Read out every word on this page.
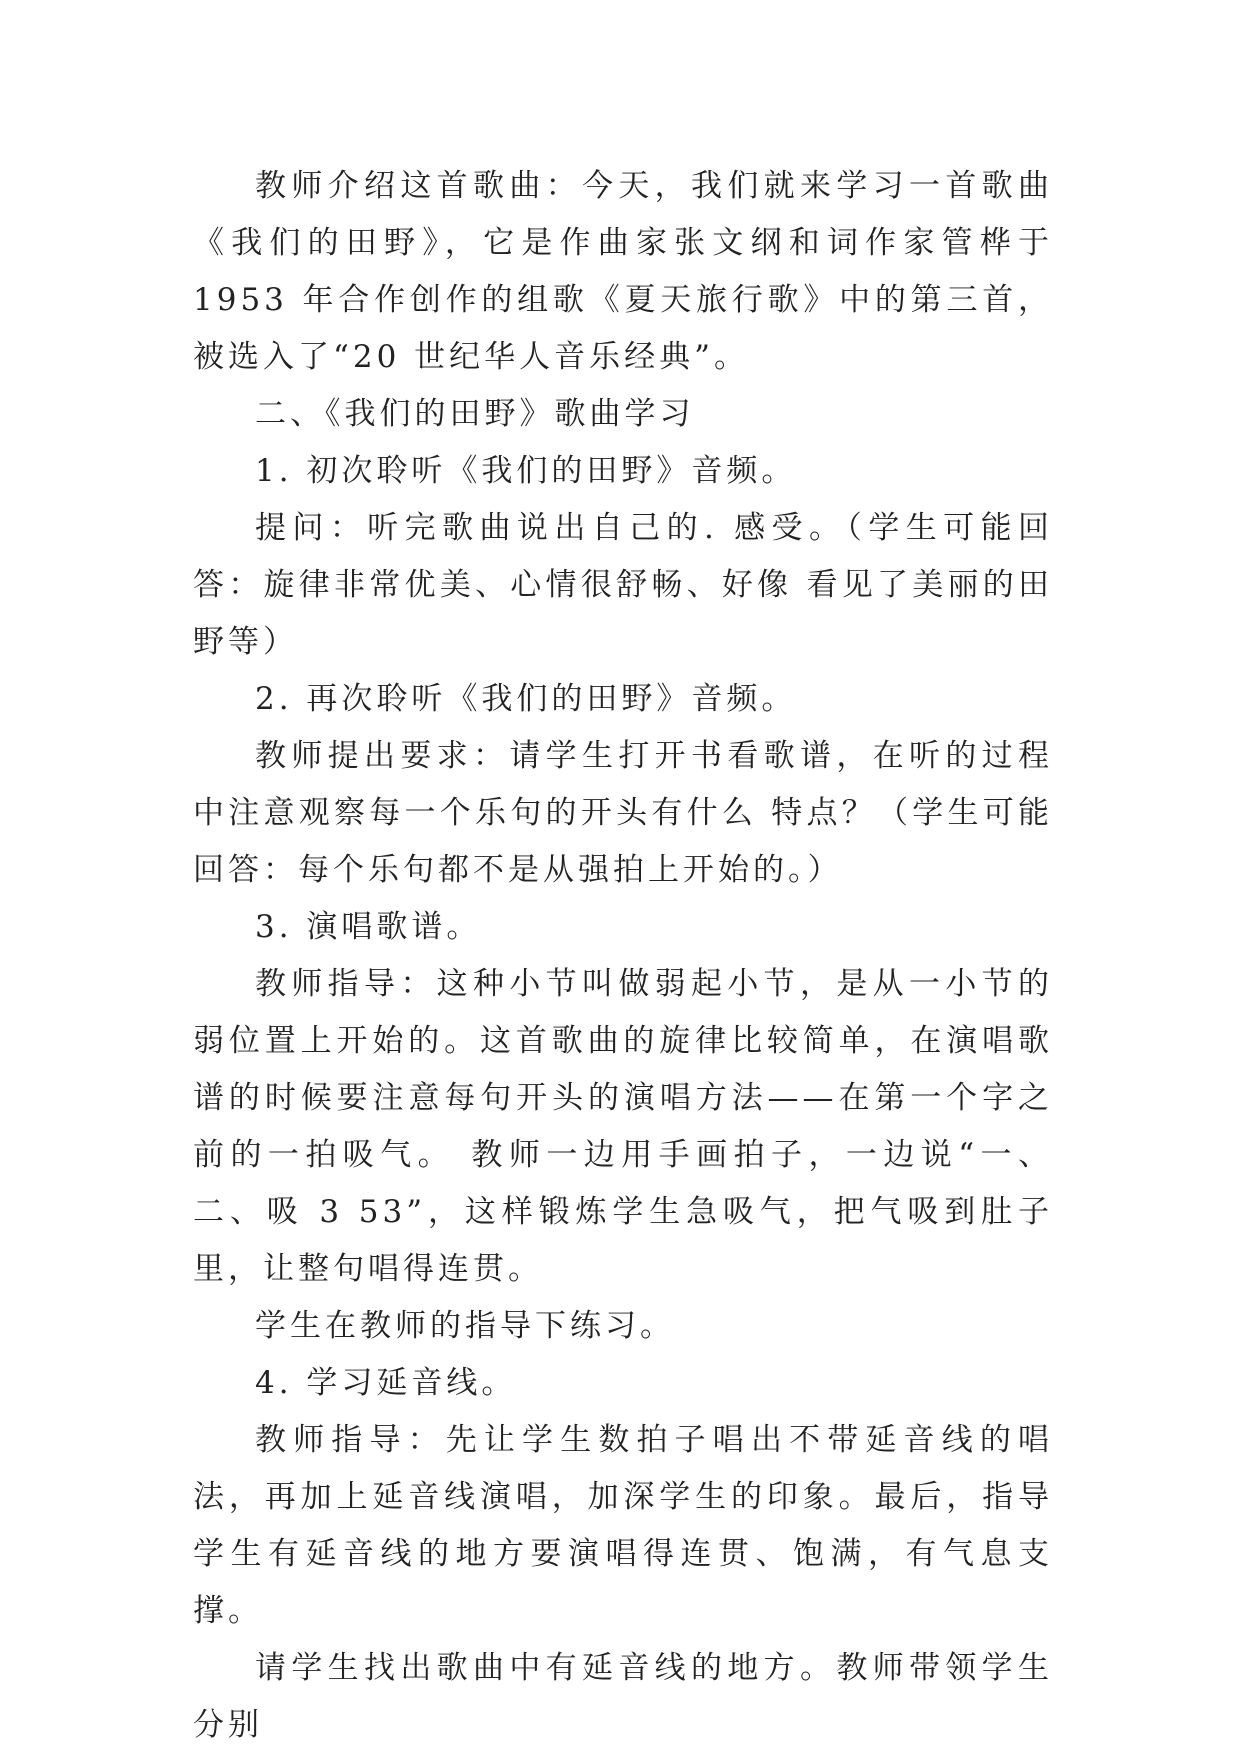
教师介绍这首歌曲：今天，我们就来学习一首歌曲《我们的田野》，它是作曲家张文纲和词作家管桦于 1953 年合作创作的组歌《夏天旅行歌》中的第三首，被选入了“20 世纪华人音乐经典”。

二、《我们的田野》歌曲学习

1. 初次聆听《我们的田野》音频。

提问：听完歌曲说出自己的. 感受。（学生可能回答：旋律非常优美、心情很舒畅、好像 看见了美丽的田野等）

2. 再次聆听《我们的田野》音频。

教师提出要求：请学生打开书看歌谱，在听的过程中注意观察每一个乐句的开头有什么 特点？（学生可能回答：每个乐句都不是从强拍上开始的。）

3. 演唱歌谱。

教师指导：这种小节叫做弱起小节，是从一小节的弱位置上开始的。这首歌曲的旋律比较简单，在演唱歌谱的时候要注意每句开头的演唱方法——在第一个字之前的一拍吸气。 教师一边用手画拍子，一边说“一、二、吸 3 53”，这样锻炼学生急吸气，把气吸到肚子里，让整句唱得连贯。

学生在教师的指导下练习。

4. 学习延音线。

教师指导：先让学生数拍子唱出不带延音线的唱法，再加上延音线演唱，加深学生的印象。最后，指导学生有延音线的地方要演唱得连贯、饱满，有气息支撑。

请学生找出歌曲中有延音线的地方。教师带领学生分别
